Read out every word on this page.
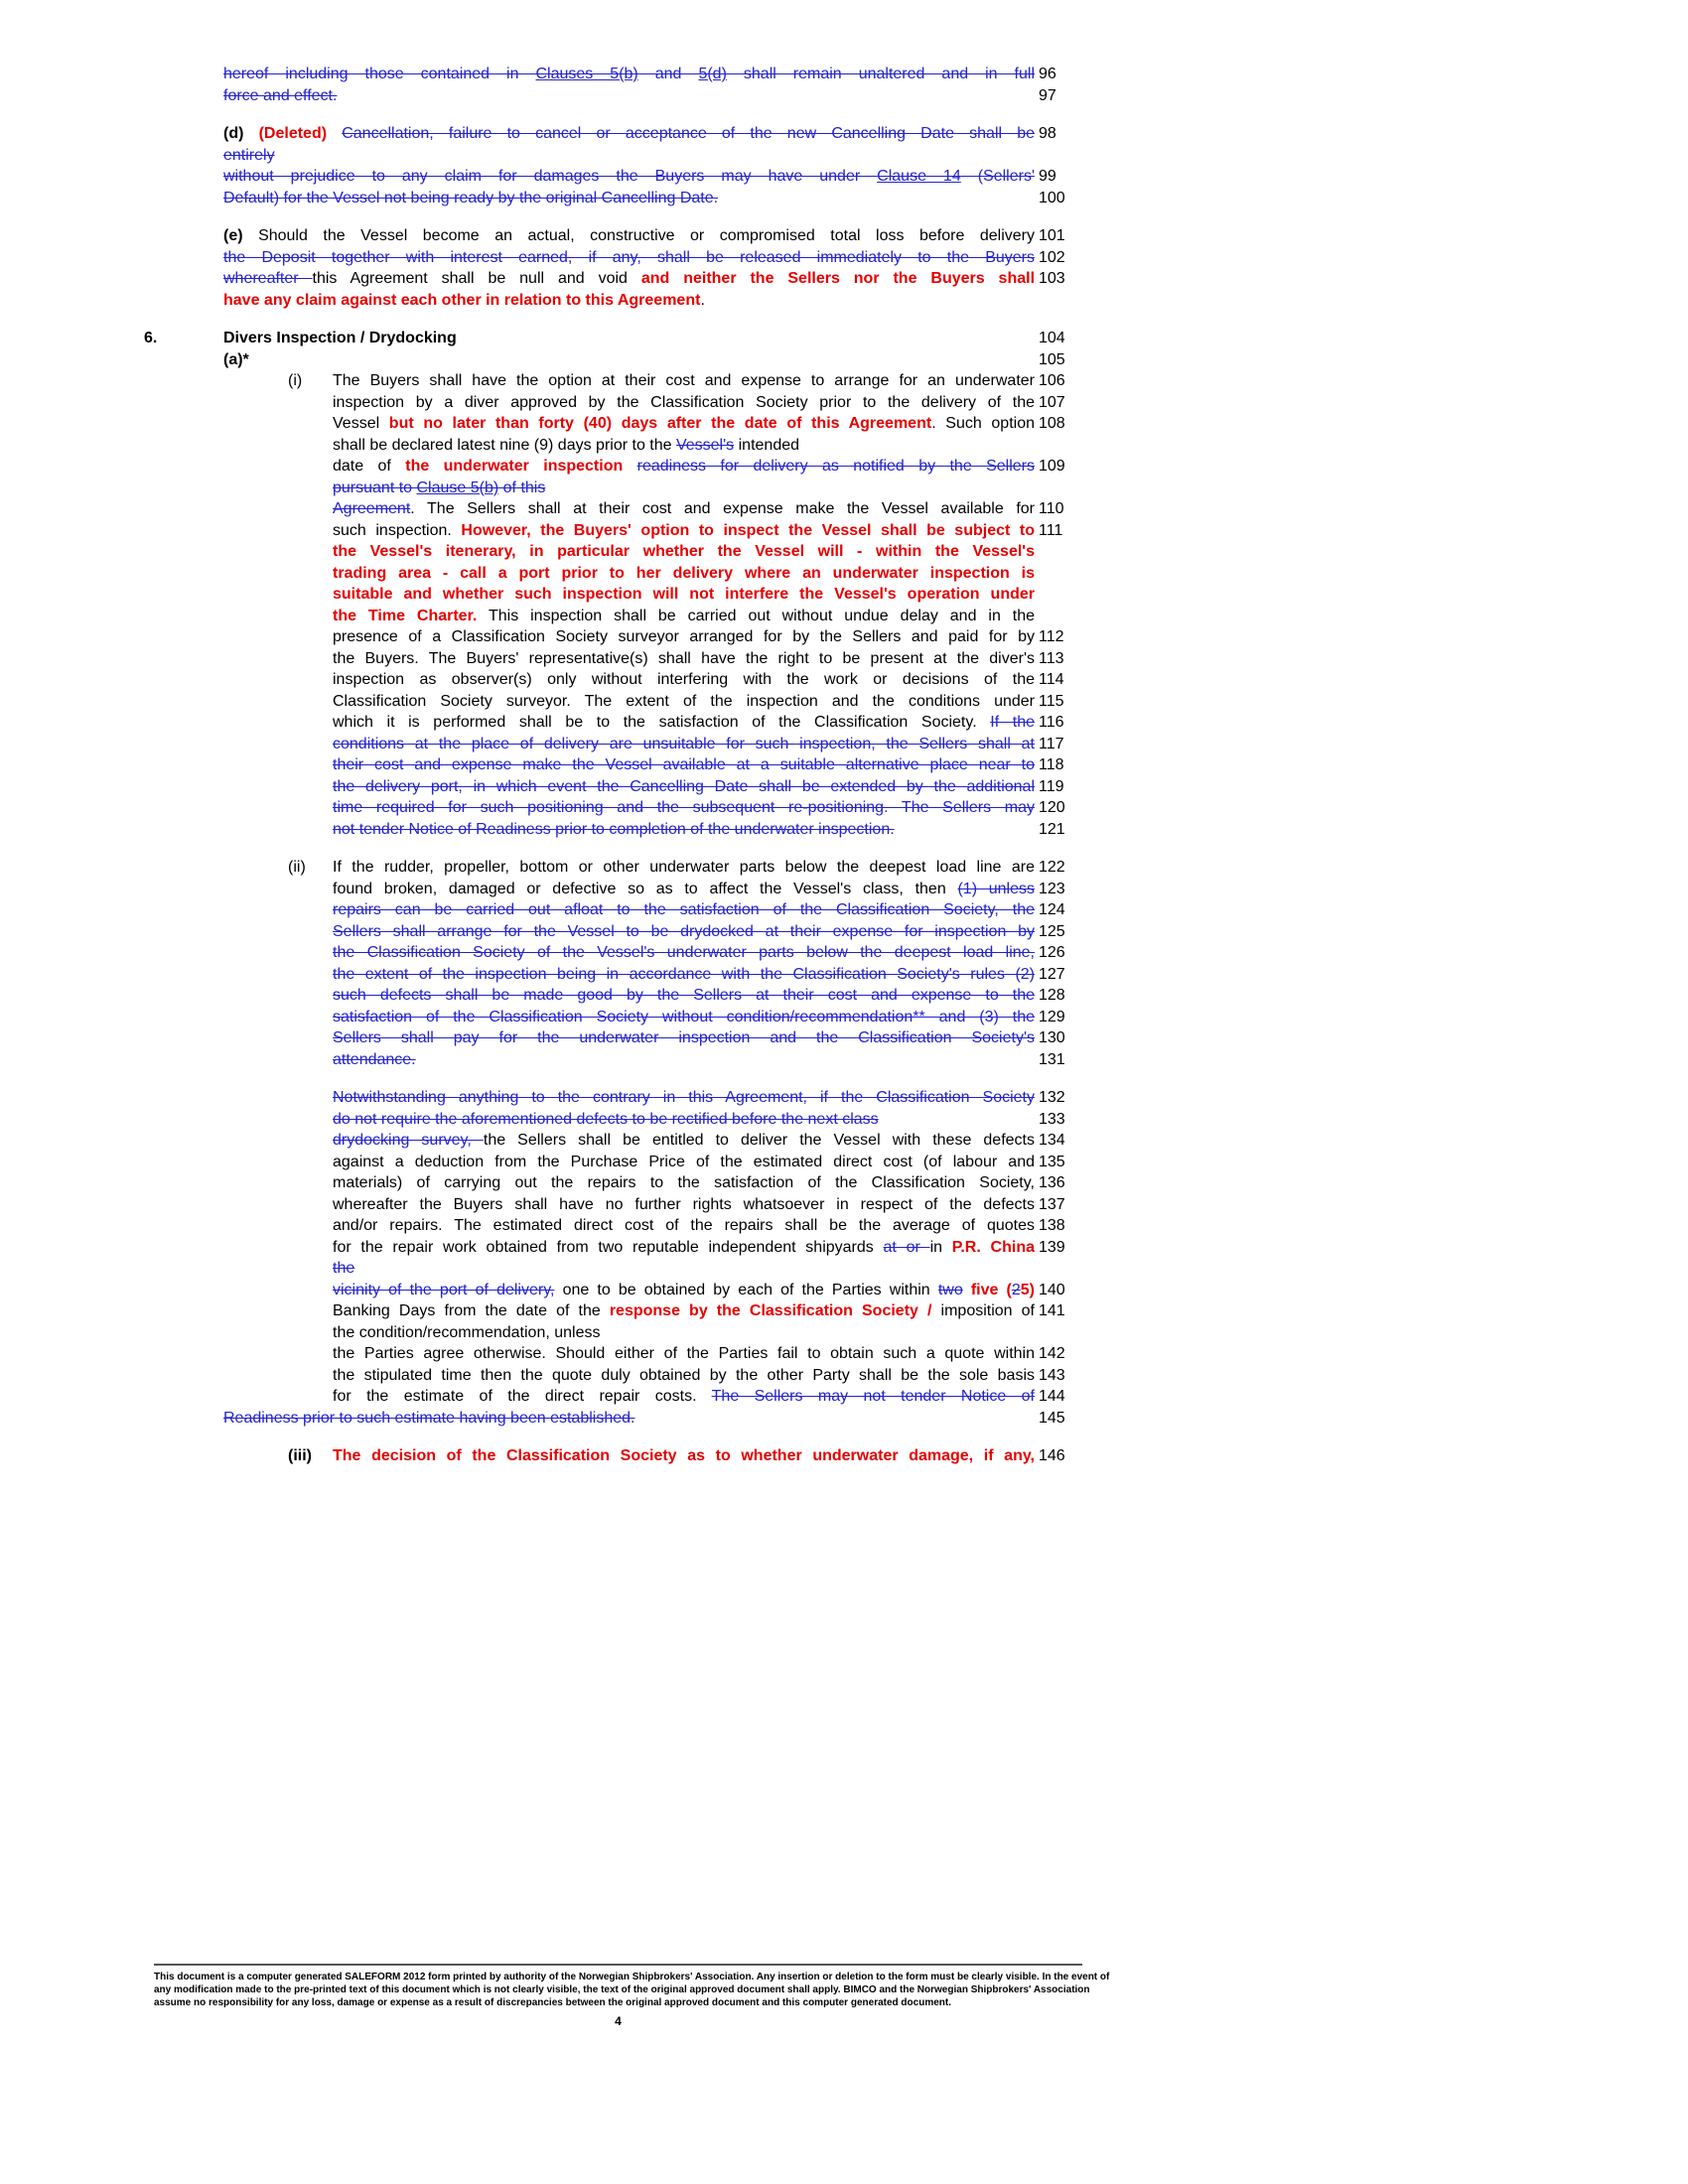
hereof including those contained in Clauses 5(b) and 5(d) shall remain unaltered and in full 96
force and effect.	97
(d) (Deleted) Cancellation, failure to cancel or acceptance of the new Cancelling Date shall be 98
entirely
without prejudice to any claim for damages the Buyers may have under Clause 14 (Sellers' 99
Default) for the Vessel not being ready by the original Cancelling Date.	100
(e) Should the Vessel become an actual, constructive or compromised total loss before delivery 101
the Deposit together with interest earned, if any, shall be released immediately to the Buyers 102
whereafter this Agreement shall be null and void and neither the Sellers nor the Buyers shall 103
have any claim against each other in relation to this Agreement.
6.	Divers Inspection / Drydocking	104
(a)*	105
(i) The Buyers shall have the option at their cost and expense to arrange for an underwater 106
inspection by a diver approved by the Classification Society prior to the delivery of the 107
Vessel but no later than forty (40) days after the date of this Agreement. Such option 108
shall be declared latest nine (9) days prior to the Vessel's intended
date of the underwater inspection readiness for delivery as notified by the Sellers 109
pursuant to Clause 5(b) of this
Agreement. The Sellers shall at their cost and expense make the Vessel available for 110
such inspection. However, the Buyers' option to inspect the Vessel shall be subject to 111
the Vessel's itenerary, in particular whether the Vessel will - within the Vessel's
trading area - call a port prior to her delivery where an underwater inspection is
suitable and whether such inspection will not interfere the Vessel's operation under
the Time Charter. This inspection shall be carried out without undue delay and in the
presence of a Classification Society surveyor arranged for by the Sellers and paid for by 112
the Buyers. The Buyers' representative(s) shall have the right to be present at the diver's 113
inspection as observer(s) only without interfering with the work or decisions of the 114
Classification Society surveyor. The extent of the inspection and the conditions under 115
which it is performed shall be to the satisfaction of the Classification Society. If the 116
conditions at the place of delivery are unsuitable for such inspection, the Sellers shall at 117
their cost and expense make the Vessel available at a suitable alternative place near to 118
the delivery port, in which event the Cancelling Date shall be extended by the additional 119
time required for such positioning and the subsequent re-positioning. The Sellers may 120
not tender Notice of Readiness prior to completion of the underwater inspection.	121
(ii) If the rudder, propeller, bottom or other underwater parts below the deepest load line are 122
found broken, damaged or defective so as to affect the Vessel's class, then (1) unless 123
repairs can be carried out afloat to the satisfaction of the Classification Society, the 124
Sellers shall arrange for the Vessel to be drydocked at their expense for inspection by 125
the Classification Society of the Vessel's underwater parts below the deepest load line, 126
the extent of the inspection being in accordance with the Classification Society's rules (2) 127
such defects shall be made good by the Sellers at their cost and expense to the 128
satisfaction of the Classification Society without condition/recommendation** and (3) the 129
Sellers shall pay for the underwater inspection and the Classification Society's 130
attendance.	131
Notwithstanding anything to the contrary in this Agreement, if the Classification Society 132
do not require the aforementioned defects to be rectified before the next class	133
drydocking survey, the Sellers shall be entitled to deliver the Vessel with these defects 134
against a deduction from the Purchase Price of the estimated direct cost (of labour and 135
materials) of carrying out the repairs to the satisfaction of the Classification Society, 136
whereafter the Buyers shall have no further rights whatsoever in respect of the defects 137
and/or repairs. The estimated direct cost of the repairs shall be the average of quotes 138
for the repair work obtained from two reputable independent shipyards at or in P.R. China 139
the
vicinity of the port of delivery, one to be obtained by each of the Parties within two five (25) 140
Banking Days from the date of the response by the Classification Society / imposition of 141
the condition/recommendation, unless
the Parties agree otherwise. Should either of the Parties fail to obtain such a quote within 142
the stipulated time then the quote duly obtained by the other Party shall be the sole basis 143
for the estimate of the direct repair costs. The Sellers may not tender Notice of 144
Readiness prior to such estimate having been established.	145
(iii) The decision of the Classification Society as to whether underwater damage, if any, 146
This document is a computer generated SALEFORM 2012 form printed by authority of the Norwegian Shipbrokers' Association. Any insertion or deletion to the form must be clearly visible. In the event of
any modification made to the pre-printed text of this document which is not clearly visible, the text of the original approved document shall apply. BIMCO and the Norwegian Shipbrokers' Association
assume no responsibility for any loss, damage or expense as a result of discrepancies between the original approved document and this computer generated document.
4
